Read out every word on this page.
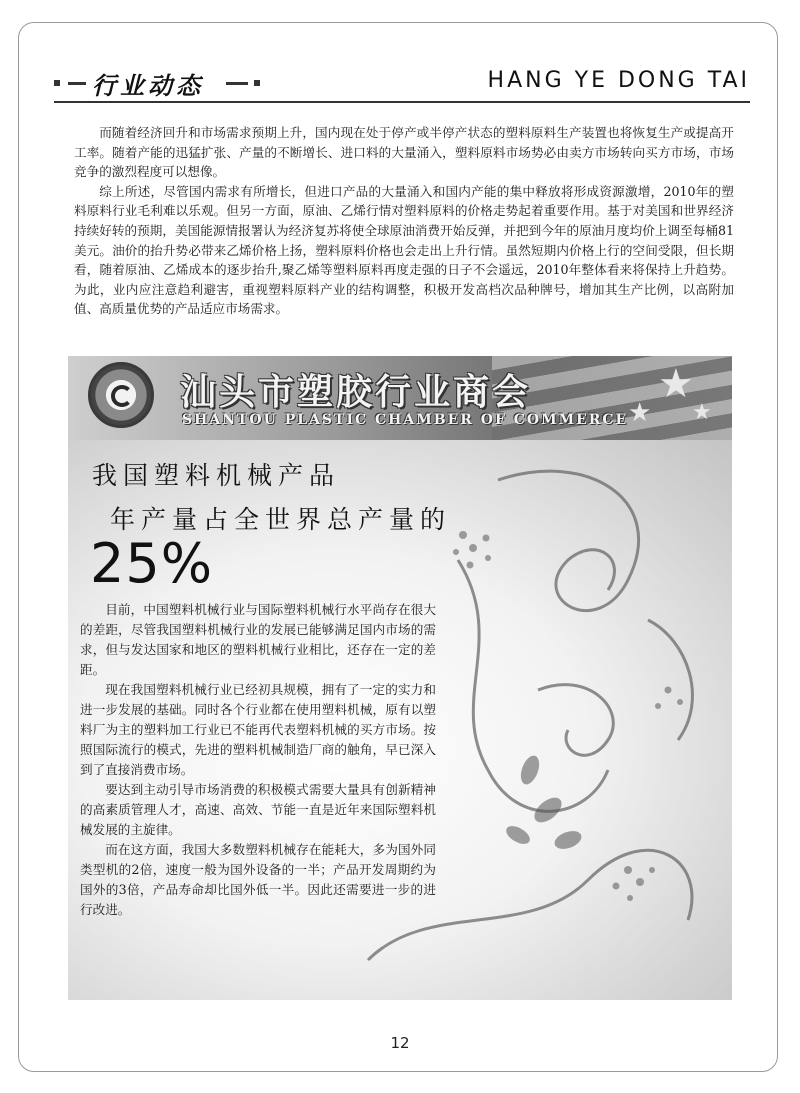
行业动态	HANG YE DONG TAI

而随着经济回升和市场需求预期上升，国内现在处于停产或半停产状态的塑料原料生产装置也将恢复生产或提高开工率。随着产能的迅猛扩张、产量的不断增长、进口料的大量涌入，塑料原料市场势必由卖方市场转向买方市场，市场竞争的激烈程度可以想像。

综上所述，尽管国内需求有所增长，但进口产品的大量涌入和国内产能的集中释放将形成资源激增，2010年的塑料原料行业毛利难以乐观。但另一方面，原油、乙烯行情对塑料原料的价格走势起着重要作用。基于对美国和世界经济持续好转的预期，美国能源情报署认为经济复苏将使全球原油消费开始反弹，并把到今年的原油月度均价上调至每桶81美元。油价的抬升势必带来乙烯价格上扬，塑料原料价格也会走出上升行情。虽然短期内价格上行的空间受限，但长期看，随着原油、乙烯成本的逐步抬升,聚乙烯等塑料原料再度走强的日子不会遥远，2010年整体看来将保持上升趋势。为此，业内应注意趋利避害，重视塑料原料产业的结构调整，积极开发高档次品种牌号，增加其生产比例，以高附加值、高质量优势的产品适应市场需求。

★
★ ★
汕头市塑胶行业商会
SHANTOU PLASTIC CHAMBER OF COMMERCE
我国塑料机械产品
年产量占全世界总产量的
25%

目前，中国塑料机械行业与国际塑料机械行水平尚存在很大的差距，尽管我国塑料机械行业的发展已能够满足国内市场的需求，但与发达国家和地区的塑料机械行业相比，还存在一定的差距。

现在我国塑料机械行业已经初具规模，拥有了一定的实力和进一步发展的基础。同时各个行业都在使用塑料机械，原有以塑料厂为主的塑料加工行业已不能再代表塑料机械的买方市场。按照国际流行的模式，先进的塑料机械制造厂商的触角，早已深入到了直接消费市场。

要达到主动引导市场消费的积极模式需要大量具有创新精神的高素质管理人才，高速、高效、节能一直是近年来国际塑料机械发展的主旋律。

而在这方面，我国大多数塑料机械存在能耗大，多为国外同类型机的2倍，速度一般为国外设备的一半；产品开发周期约为国外的3倍，产品寿命却比国外低一半。因此还需要进一步的进行改进。

12
